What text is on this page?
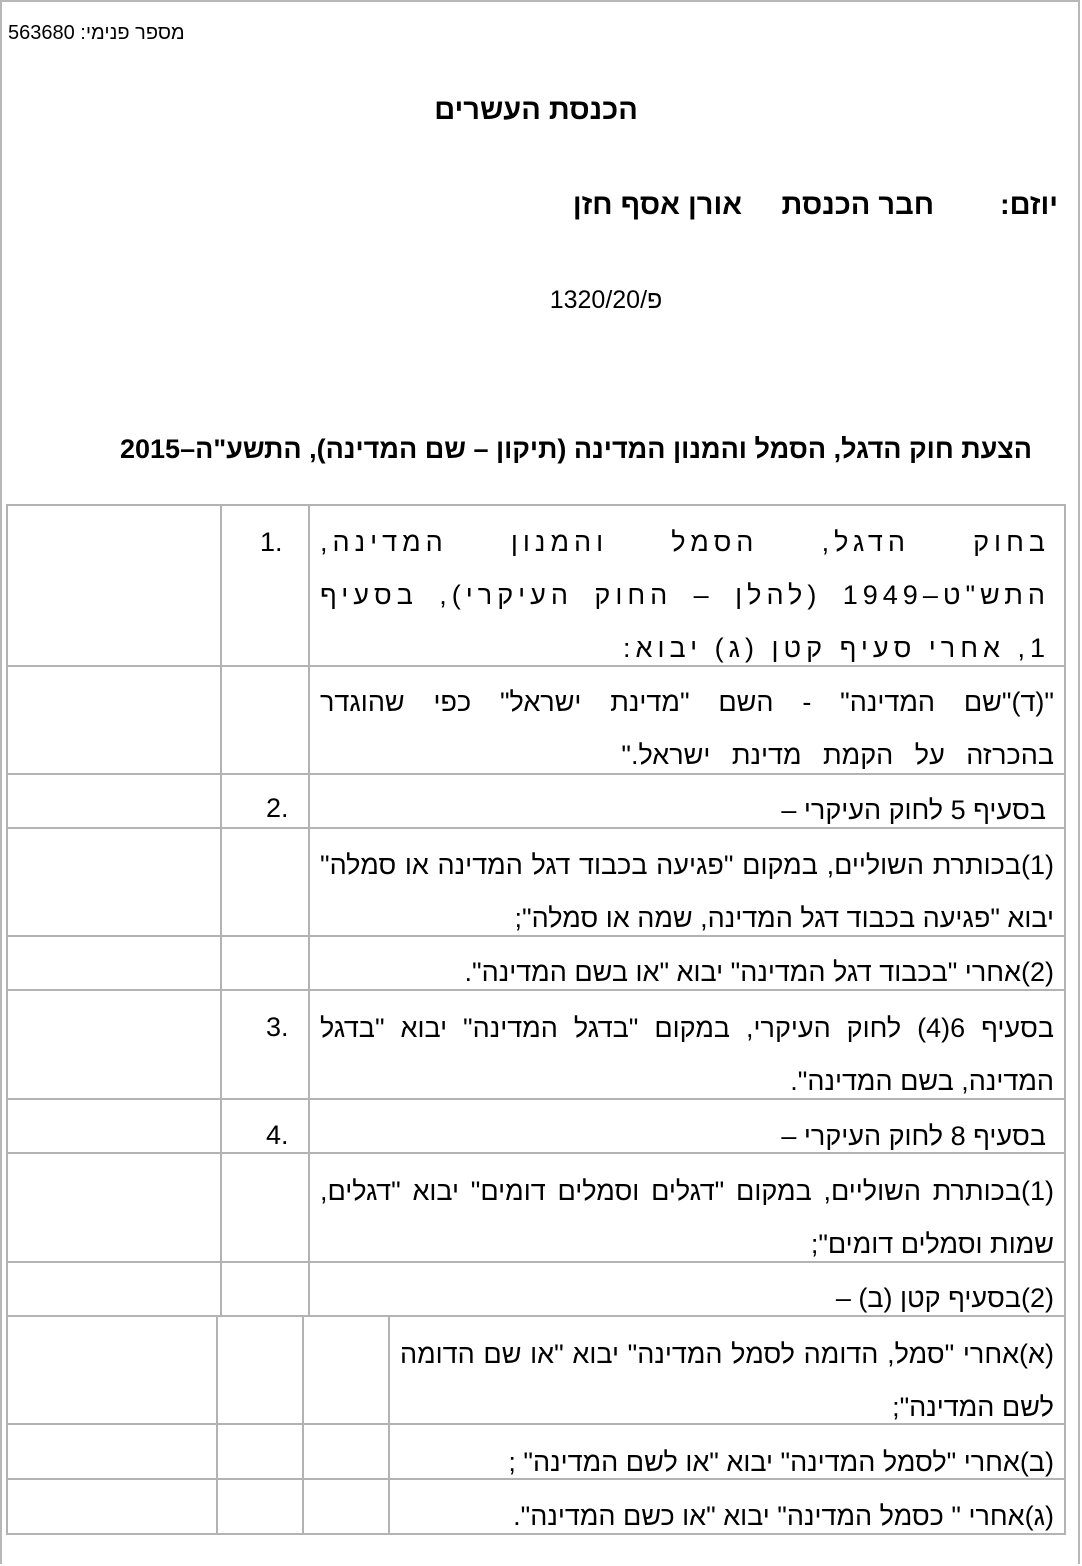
מספר פנימי: 563680
הכנסת העשרים
יוזם:
חבר הכנסת
אורן אסף חזן
פ/1320/20
הצעת חוק הדגל, הסמל והמנון המדינה (תיקון – שם המדינה), התשע"ה–2015
1. בחוק הדגל, הסמל והמנון המדינה, התש"ט–1949 (להלן – החוק העיקרי), בסעיף 1, אחרי סעיף קטן (ג) יבוא:
"(ד)"שם המדינה" - השם "מדינת ישראל" כפי שהוגדר בהכרזה על הקמת מדינת ישראל."
2.	בסעיף 5 לחוק העיקרי –
(1)בכותרת השוליים, במקום "פגיעה בכבוד דגל המדינה או סמלה" יבוא "פגיעה בכבוד דגל המדינה, שמה או סמלה";
(2)אחרי "בכבוד דגל המדינה" יבוא "או בשם המדינה".
3. בסעיף 6(4) לחוק העיקרי, במקום "בדגל המדינה" יבוא "בדגל המדינה, בשם המדינה".
4.	בסעיף 8 לחוק העיקרי –
(1)בכותרת השוליים, במקום "דגלים וסמלים דומים" יבוא "דגלים, שמות וסמלים דומים";
(2)בסעיף קטן (ב) –
(א)אחרי "סמל, הדומה לסמל המדינה" יבוא "או שם הדומה לשם המדינה";
(ב)אחרי "לסמל המדינה" יבוא "או לשם המדינה" ;
(ג)אחרי " כסמל המדינה" יבוא "או כשם המדינה".
